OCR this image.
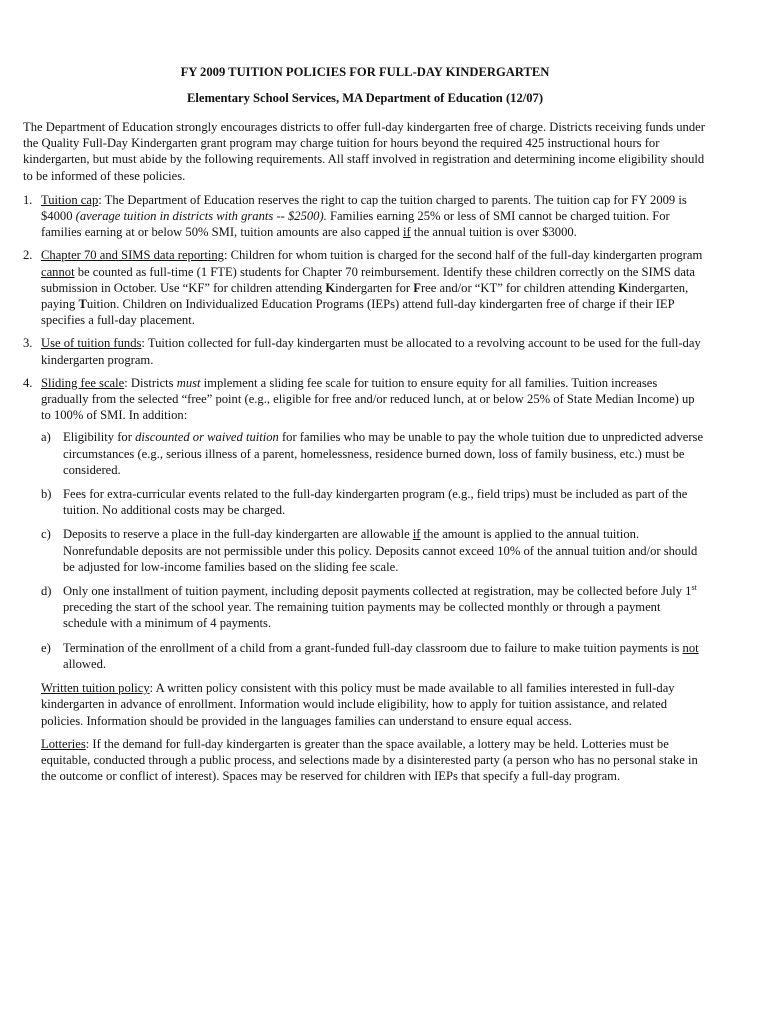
FY 2009 TUITION POLICIES FOR FULL-DAY KINDERGARTEN

Elementary School Services, MA Department of Education (12/07)

The Department of Education strongly encourages districts to offer full-day kindergarten free of charge. Districts receiving funds under the Quality Full-Day Kindergarten grant program may charge tuition for hours beyond the required 425 instructional hours for kindergarten, but must abide by the following requirements. All staff involved in registration and determining income eligibility should to be informed of these policies.

1. Tuition cap: The Department of Education reserves the right to cap the tuition charged to parents. The tuition cap for FY 2009 is $4000 (average tuition in districts with grants -- $2500). Families earning 25% or less of SMI cannot be charged tuition. For families earning at or below 50% SMI, tuition amounts are also capped if the annual tuition is over $3000.
2. Chapter 70 and SIMS data reporting: Children for whom tuition is charged for the second half of the full-day kindergarten program cannot be counted as full-time (1 FTE) students for Chapter 70 reimbursement. Identify these children correctly on the SIMS data submission in October. Use “KF” for children attending Kindergarten for Free and/or “KT” for children attending Kindergarten, paying Tuition. Children on Individualized Education Programs (IEPs) attend full-day kindergarten free of charge if their IEP specifies a full-day placement.
3. Use of tuition funds: Tuition collected for full-day kindergarten must be allocated to a revolving account to be used for the full-day kindergarten program.
4. Sliding fee scale: Districts must implement a sliding fee scale for tuition to ensure equity for all families. Tuition increases gradually from the selected “free” point (e.g., eligible for free and/or reduced lunch, at or below 25% of State Median Income) up to 100% of SMI. In addition:
a) Eligibility for discounted or waived tuition for families who may be unable to pay the whole tuition due to unpredicted adverse circumstances (e.g., serious illness of a parent, homelessness, residence burned down, loss of family business, etc.) must be considered.
b) Fees for extra-curricular events related to the full-day kindergarten program (e.g., field trips) must be included as part of the tuition. No additional costs may be charged.
c) Deposits to reserve a place in the full-day kindergarten are allowable if the amount is applied to the annual tuition. Nonrefundable deposits are not permissible under this policy. Deposits cannot exceed 10% of the annual tuition and/or should be adjusted for low-income families based on the sliding fee scale.
d) Only one installment of tuition payment, including deposit payments collected at registration, may be collected before July 1st preceding the start of the school year. The remaining tuition payments may be collected monthly or through a payment schedule with a minimum of 4 payments.
e) Termination of the enrollment of a child from a grant-funded full-day classroom due to failure to make tuition payments is not allowed.

Written tuition policy: A written policy consistent with this policy must be made available to all families interested in full-day kindergarten in advance of enrollment. Information would include eligibility, how to apply for tuition assistance, and related policies. Information should be provided in the languages families can understand to ensure equal access.

Lotteries: If the demand for full-day kindergarten is greater than the space available, a lottery may be held. Lotteries must be equitable, conducted through a public process, and selections made by a disinterested party (a person who has no personal stake in the outcome or conflict of interest). Spaces may be reserved for children with IEPs that specify a full-day program.
